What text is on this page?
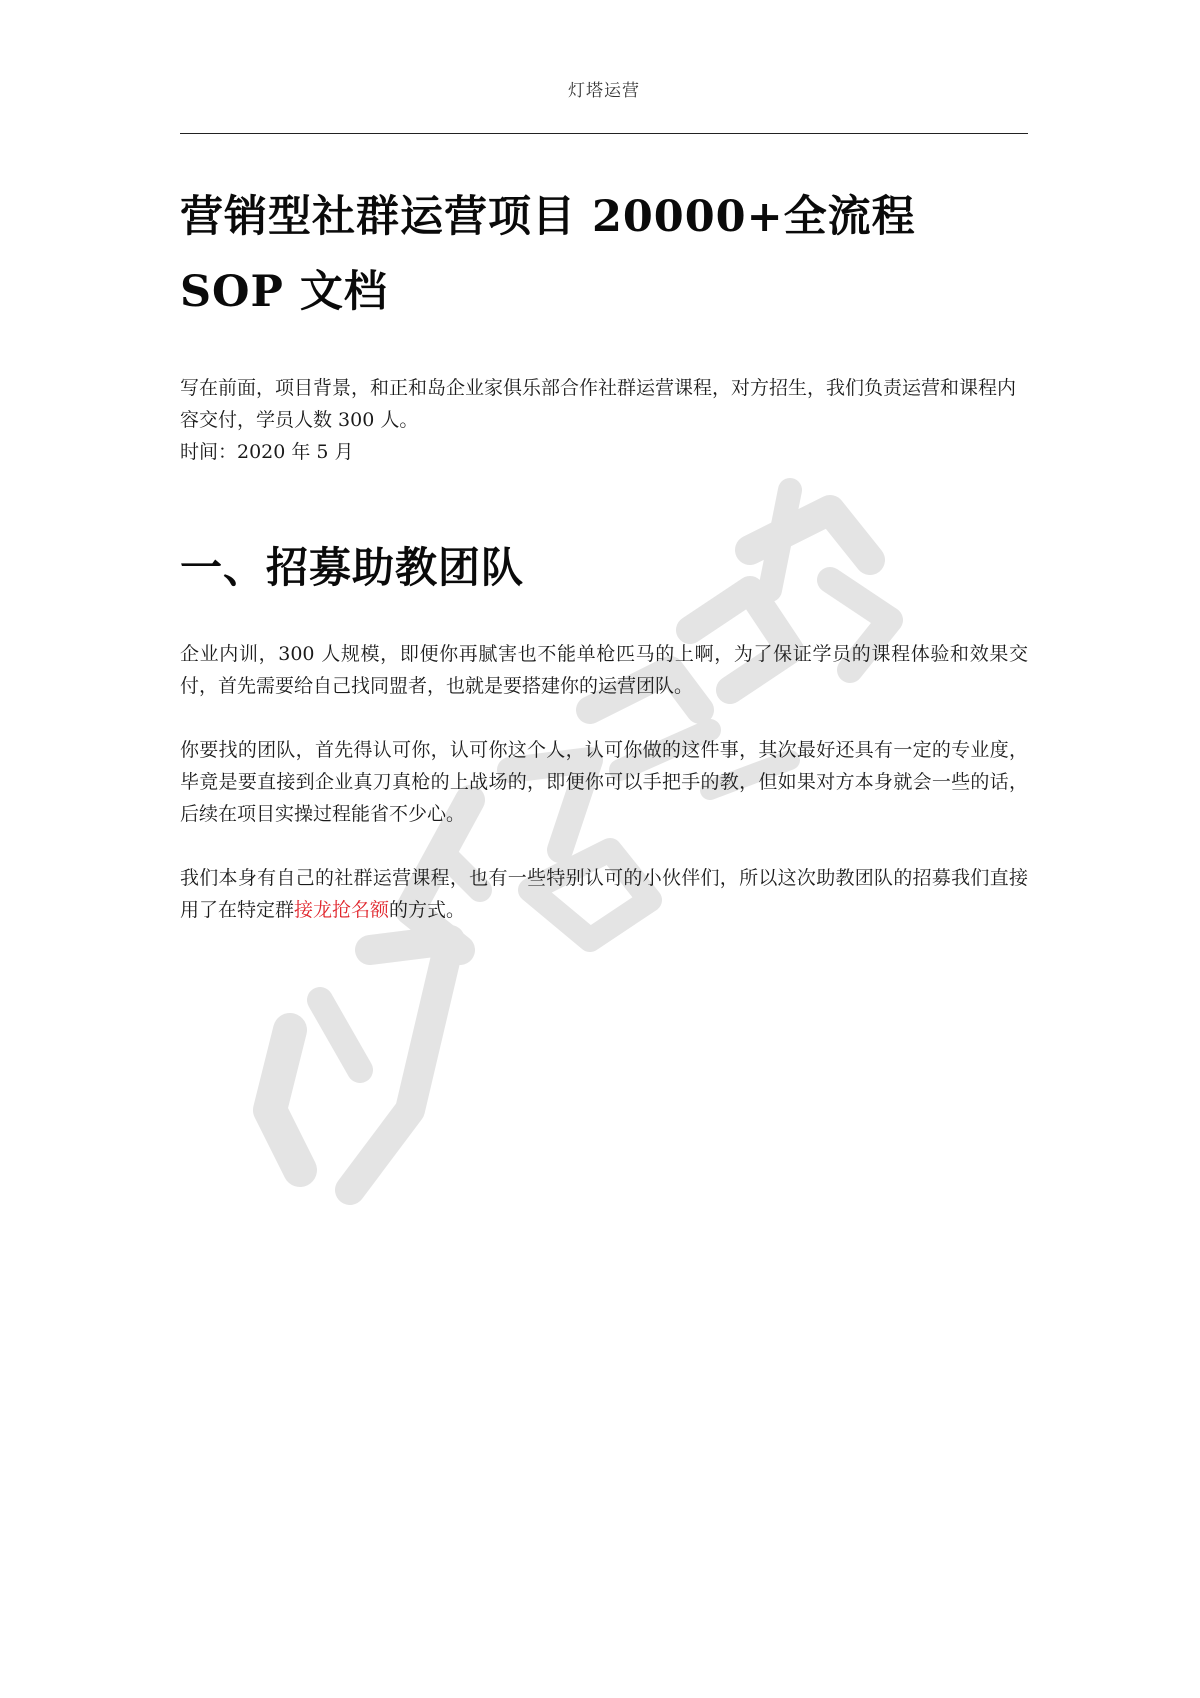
灯塔运营
营销型社群运营项目 20000+全流程 SOP 文档

写在前面，项目背景，和正和岛企业家俱乐部合作社群运营课程，对方招生，我们负责运营和课程内容交付，学员人数 300 人。

时间：2020 年 5 月

一、招募助教团队

企业内训，300 人规模，即便你再腻害也不能单枪匹马的上啊，为了保证学员的课程体验和效果交付，首先需要给自己找同盟者，也就是要搭建你的运营团队。

你要找的团队，首先得认可你，认可你这个人，认可你做的这件事，其次最好还具有一定的专业度，毕竟是要直接到企业真刀真枪的上战场的，即便你可以手把手的教，但如果对方本身就会一些的话，后续在项目实操过程能省不少心。

我们本身有自己的社群运营课程，也有一些特别认可的小伙伴们，所以这次助教团队的招募我们直接用了在特定群接龙抢名额的方式。
